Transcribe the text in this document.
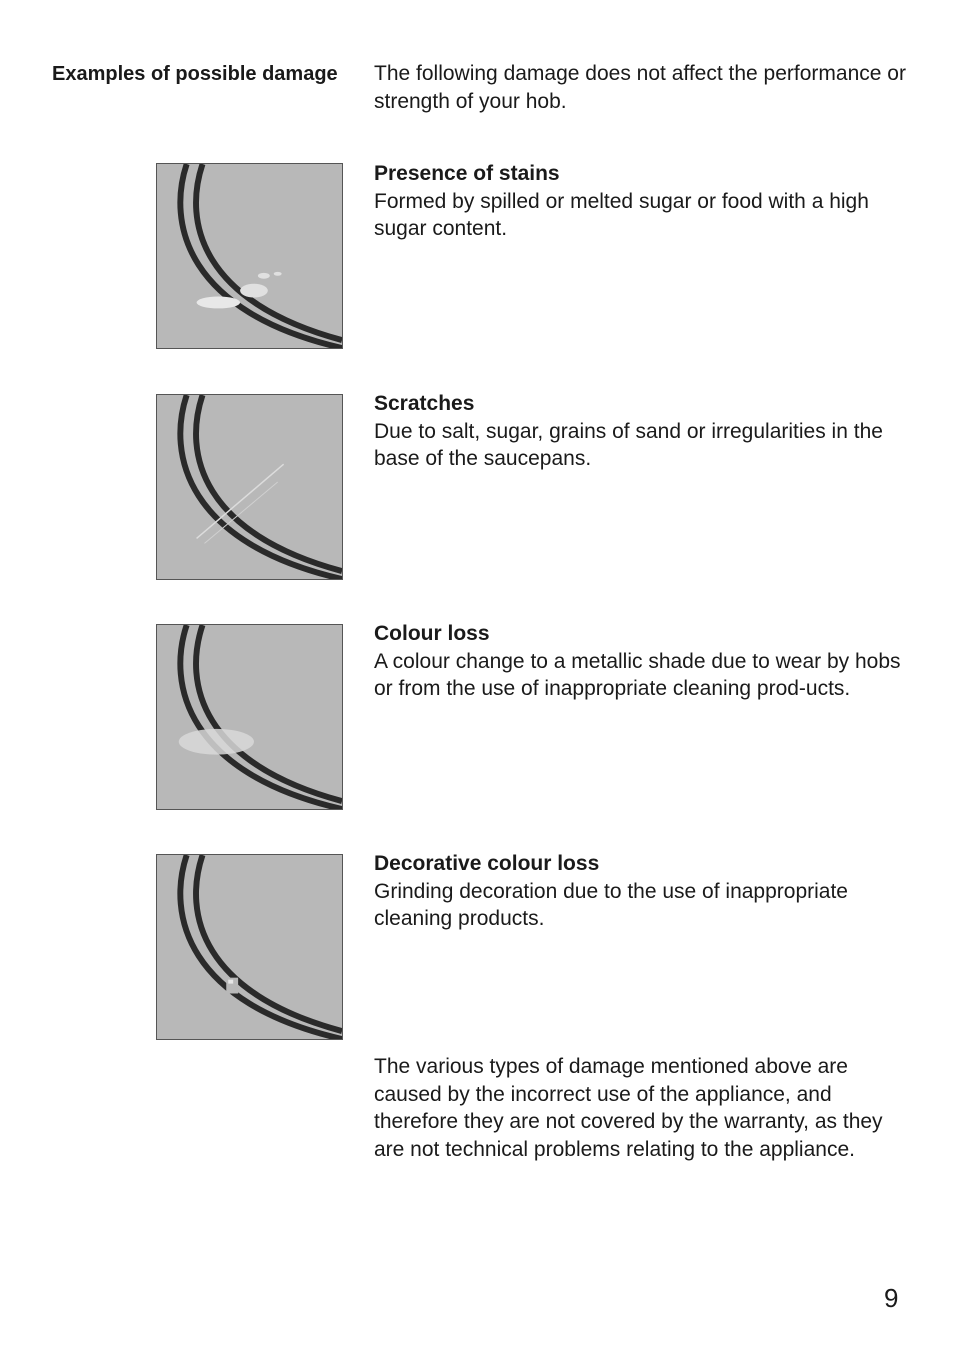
Examples of possible damage	The following damage does not affect the performance or strength of your hob.
Presence of stains
Formed by spilled or melted sugar or food with a high sugar content.
Scratches
Due to salt, sugar, grains of sand or irregularities in the base of the saucepans.
Colour loss
A colour change to a metallic shade due to wear by hobs or from the use of inappropriate cleaning prod-ucts.
Decorative colour loss
Grinding decoration due to the use of inappropriate cleaning products.
The various types of damage mentioned above are caused by the incorrect use of the appliance, and therefore they are not covered by the warranty, as they are not technical problems relating to the appliance.
9
